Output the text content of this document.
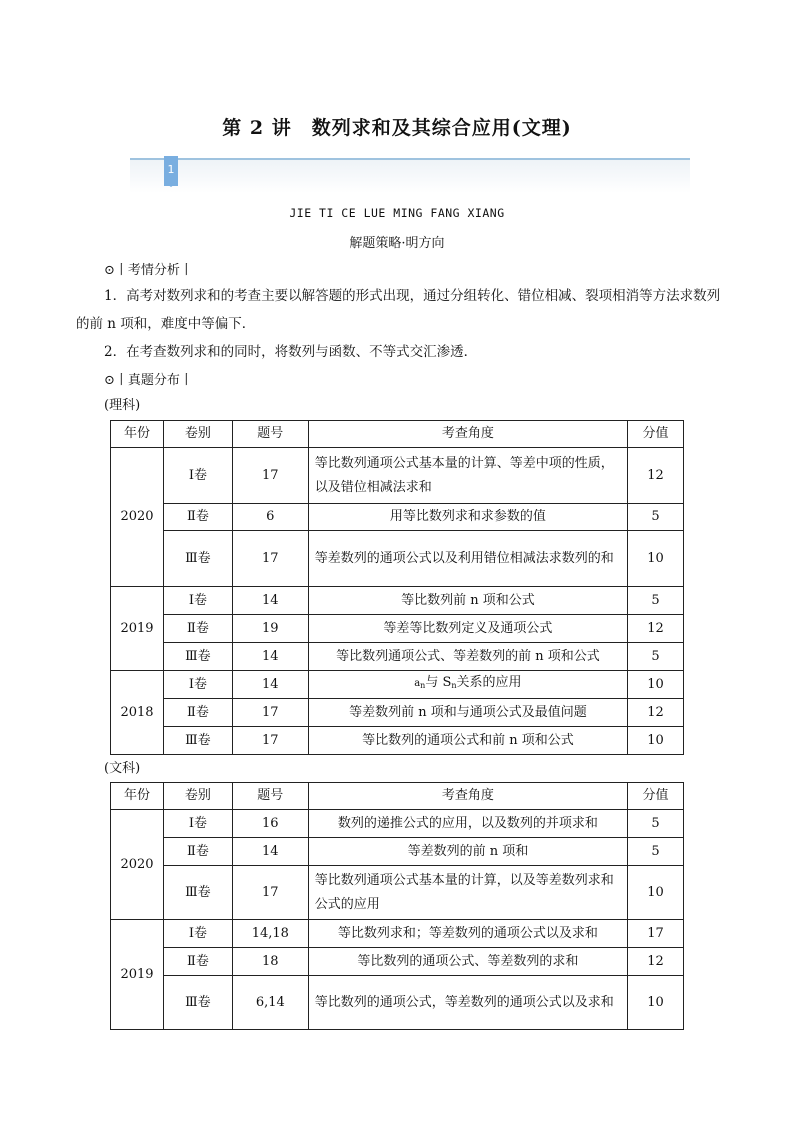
第 2 讲　数列求和及其综合应用(文理)
1
JIE TI CE LUE MING FANG XIANG
解题策略·明方向
⊙丨考情分析丨
1．高考对数列求和的考查主要以解答题的形式出现，通过分组转化、错位相减、裂项相消等方法求数列的前 n 项和，难度中等偏下．
2．在考查数列求和的同时，将数列与函数、不等式交汇渗透．
⊙丨真题分布丨
(理科)
年份	卷别	题号	考查角度	分值
2020	Ⅰ卷	17	等比数列通项公式基本量的计算、等差中项的性质，以及错位相减法求和	12
	Ⅱ卷	6	用等比数列求和求参数的值	5
	Ⅲ卷	17	等差数列的通项公式以及利用错位相减法求数列的和	10
2019	Ⅰ卷	14	等比数列前 n 项和公式	5
	Ⅱ卷	19	等差等比数列定义及通项公式	12
	Ⅲ卷	14	等比数列通项公式、等差数列的前 n 项和公式	5
2018	Ⅰ卷	14	$a_n$与 $S_n$关系的应用	10
	Ⅱ卷	17	等差数列前 n 项和与通项公式及最值问题	12
	Ⅲ卷	17	等比数列的通项公式和前 n 项和公式	10
(文科)
年份	卷别	题号	考查角度	分值
2020	Ⅰ卷	16	数列的递推公式的应用，以及数列的并项求和	5
	Ⅱ卷	14	等差数列的前 n 项和	5
	Ⅲ卷	17	等比数列通项公式基本量的计算，以及等差数列求和公式的应用	10
2019	Ⅰ卷	14,18	等比数列求和；等差数列的通项公式以及求和	17
	Ⅱ卷	18	等比数列的通项公式、等差数列的求和	12
	Ⅲ卷	6,14	等比数列的通项公式，等差数列的通项公式以及求和	10
